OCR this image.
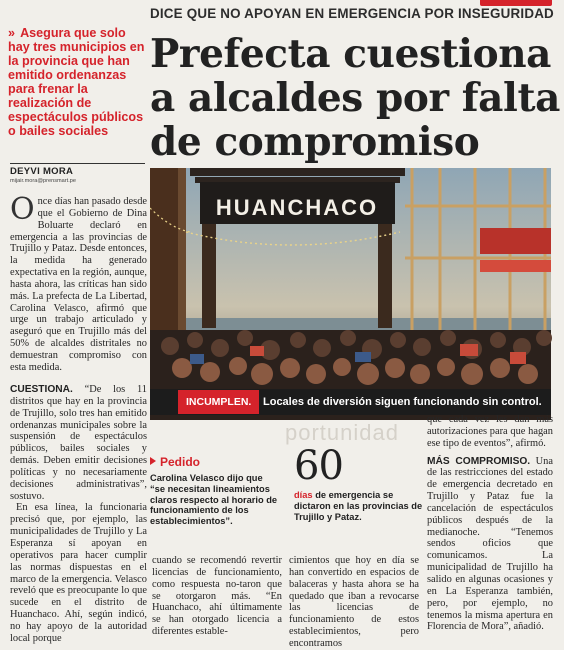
DICE QUE NO APOYAN EN EMERGENCIA POR INSEGURIDAD
» Asegura que solo hay tres municipios en la provincia que han emitido ordenanzas para frenar la realización de espectáculos públicos o bailes sociales
Prefecta cuestiona a alcaldes por falta de compromiso
DEYVI MORA
mijair.mora@prensmart.pe
Once días han pasado desde que el Gobierno de Dina Boluarte declaró en emergencia a las provincias de Trujillo y Pataz. Desde entonces, la medida ha generado expectativa en la región, aunque, hasta ahora, las críticas han sido más. La prefecta de La Libertad, Carolina Velasco, afirmó que urge un trabajo articulado y aseguró que en Trujillo más del 50% de alcaldes distritales no demuestran compromiso con esta medida.
CUESTIONA. “De los 11 distritos que hay en la provincia de Trujillo, solo tres han emitido ordenanzas municipales sobre la suspensión de espectáculos públicos, bailes sociales y demás. Deben emitir decisiones políticas y no necesariamente decisiones administrativas”, sostuvo.
En esa línea, la funcionaria precisó que, por ejemplo, las municipalidades de Trujillo y La Esperanza sí apoyan en operativos para hacer cumplir las normas dispuestas en el marco de la emergencia. Velasco reveló que es preocupante lo que sucede en el distrito de Huanchaco. Ahí, según indicó, no hay apoyo de la autoridad local porque
HUANCHACO
INCUMPLEN.	Locales de diversión siguen funcionando sin control.
portunidad
Pedido
Carolina Velasco dijo que “se necesitan lineamientos claros respecto al horario de funcionamiento de los establecimientos”.
60
días de emergencia se dictaron en las provincias de Trujillo y Pataz.
cuando se recomendó revertir licencias de funcionamiento, como respuesta no-taron que se otorgaron más. “En Huanchaco, ahí últimamente se han otorgado licencia a diferentes estable-
cimientos que hoy en día se han convertido en espacios de balaceras y hasta ahora se ha quedado que iban a revocarse las licencias de funcionamiento de estos establecimientos, pero encontramos
que cada vez les dan más autorizaciones para que hagan ese tipo de eventos”, afirmó.
MÁS COMPROMISO. Una de las restricciones del estado de emergencia decretado en Trujillo y Pataz fue la cancelación de espectáculos públicos después de la medianoche. “Tenemos sendos oficios que comunicamos. La municipalidad de Trujillo ha salido en algunas ocasiones y en La Esperanza también, pero, por ejemplo, no tenemos la misma apertura en Florencia de Mora”, añadió.
